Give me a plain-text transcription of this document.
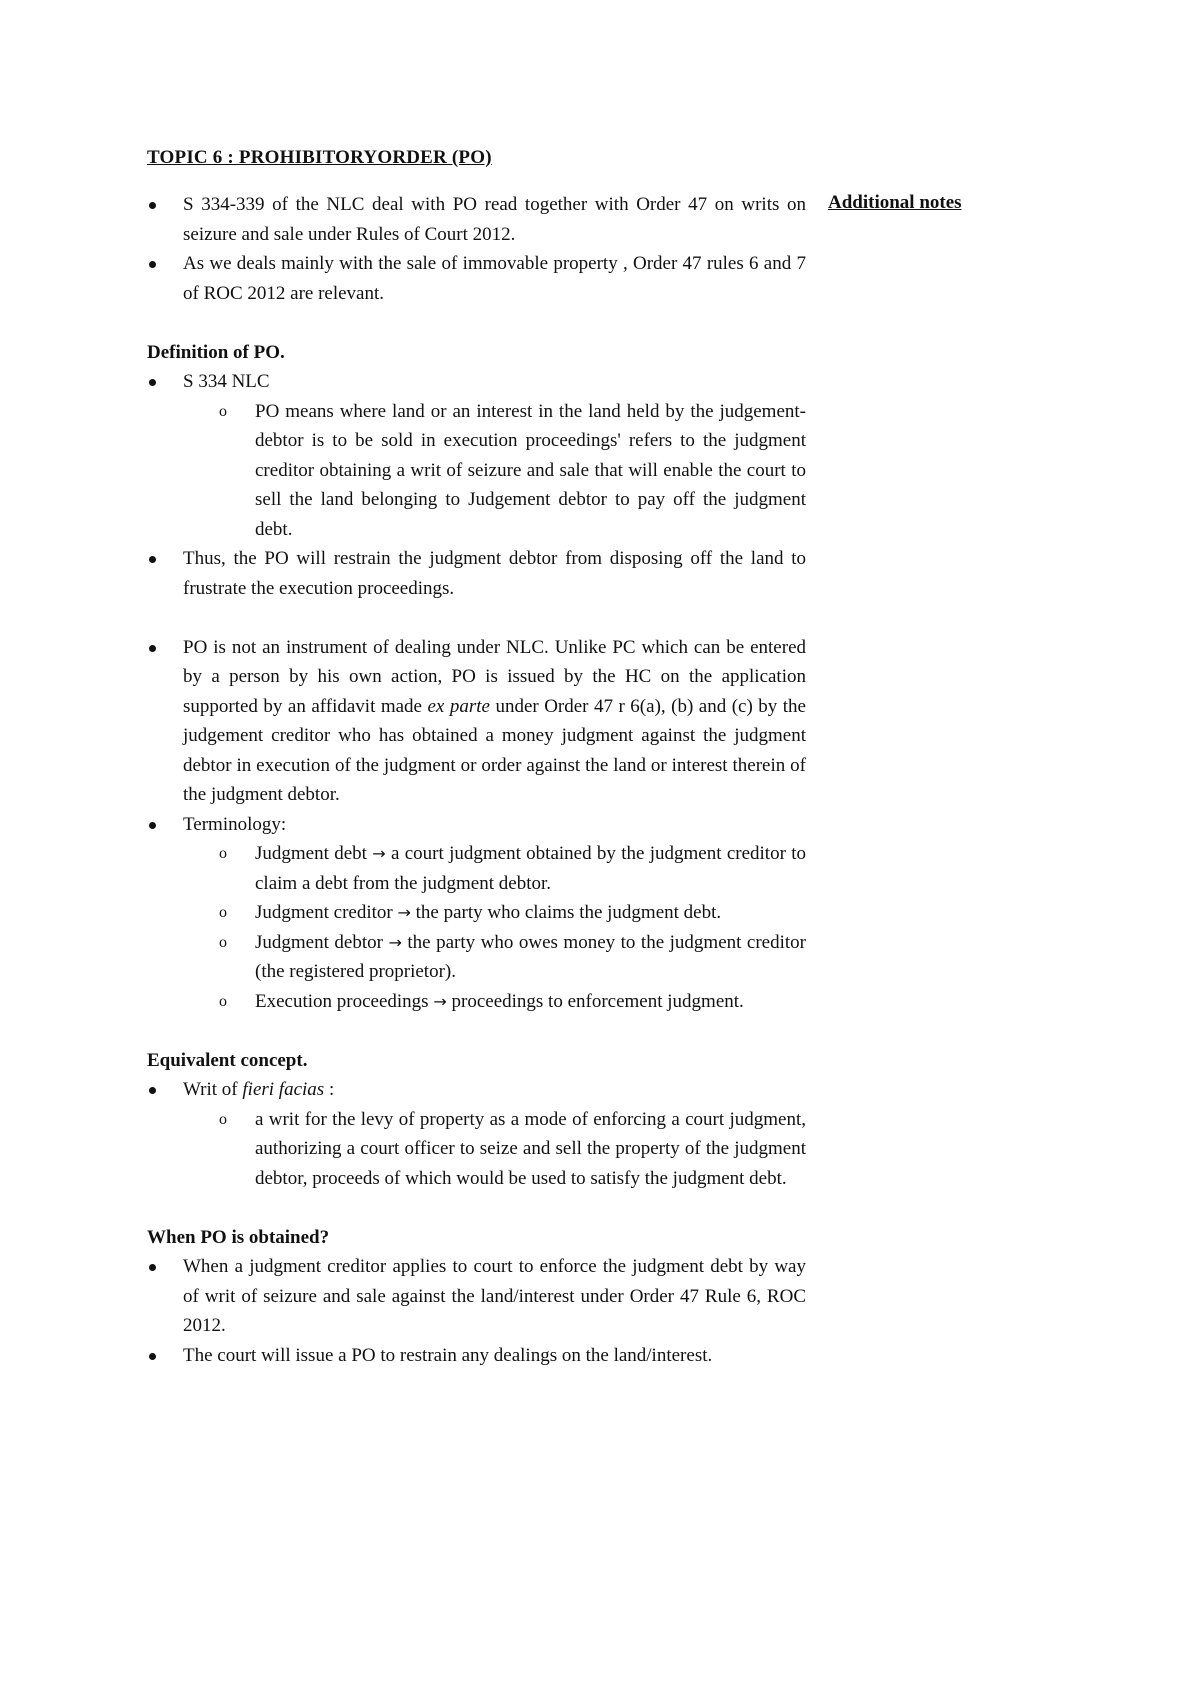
TOPIC 6 : PROHIBITORYORDER (PO)
Additional notes
S 334-339 of the NLC deal with PO read together with Order 47 on writs on seizure and sale under Rules of Court 2012.
As we deals mainly with the sale of immovable property , Order 47 rules 6 and 7 of ROC 2012 are relevant.

Definition of PO.

S 334 NLC
o PO means where land or an interest in the land held by the judgement-debtor is to be sold in execution proceedings' refers to the judgment creditor obtaining a writ of seizure and sale that will enable the court to sell the land belonging to Judgement debtor to pay off the judgment debt.
Thus, the PO will restrain the judgment debtor from disposing off the land to frustrate the execution proceedings.
PO is not an instrument of dealing under NLC. Unlike PC which can be entered by a person by his own action, PO is issued by the HC on the application supported by an affidavit made ex parte under Order 47 r 6(a), (b) and (c) by the judgement creditor who has obtained a money judgment against the judgment debtor in execution of the judgment or order against the land or interest therein of the judgment debtor.
Terminology:
o Judgment debt → a court judgment obtained by the judgment creditor to claim a debt from the judgment debtor.
o Judgment creditor → the party who claims the judgment debt.
o Judgment debtor → the party who owes money to the judgment creditor (the registered proprietor).
o Execution proceedings → proceedings to enforcement judgment.

Equivalent concept.

Writ of fieri facias :
o a writ for the levy of property as a mode of enforcing a court judgment, authorizing a court officer to seize and sell the property of the judgment debtor, proceeds of which would be used to satisfy the judgment debt.

When PO is obtained?

When a judgment creditor applies to court to enforce the judgment debt by way of writ of seizure and sale against the land/interest under Order 47 Rule 6, ROC 2012.
The court will issue a PO to restrain any dealings on the land/interest.
